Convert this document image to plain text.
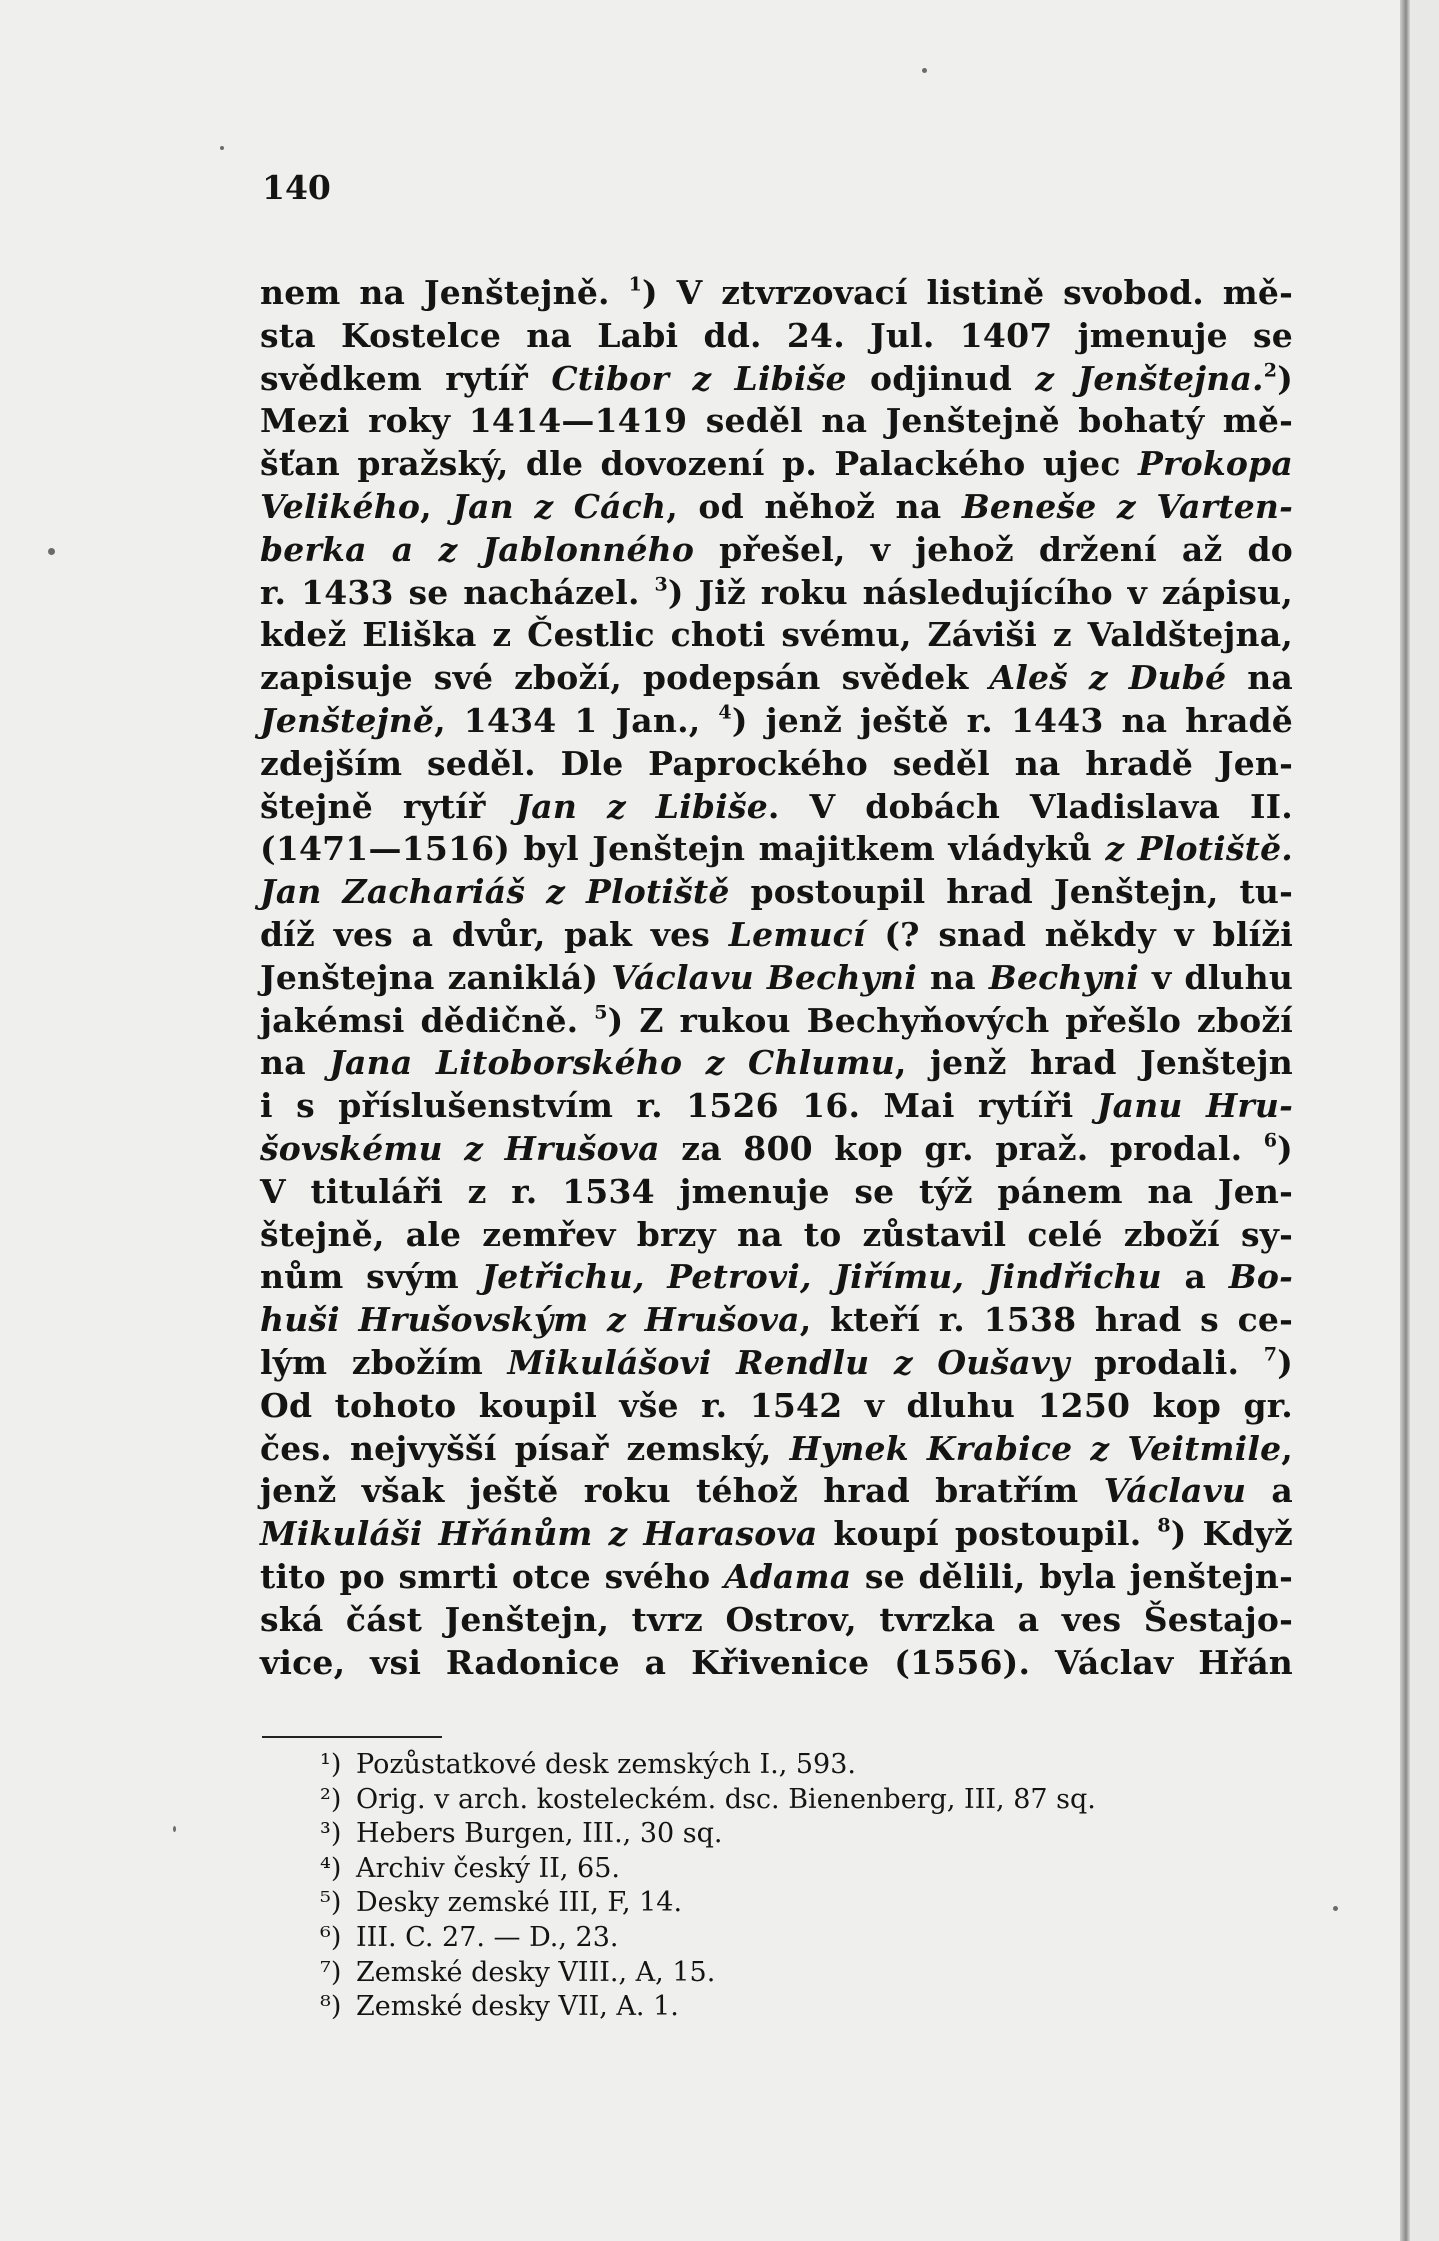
140
nem na Jenštejně. $^1$) V ztvrzovací listině svobod. mě-
sta Kostelce na Labi dd. 24. Jul. 1407 jmenuje se
svědkem rytíř Ctibor z Libiše odjinud z Jenštejna.$^2$)
Mezi roky 1414—1419 seděl na Jenštejně bohatý mě-
šťan pražský, dle dovození p. Palackého ujec Prokopa
Velikého, Jan z Cách, od něhož na Beneše z Varten-
berka a z Jablonného přešel, v jehož držení až do
r. 1433 se nacházel. $^3$) Již roku následujícího v zápisu,
kdež Eliška z Čestlic choti svému, Záviši z Valdštejna,
zapisuje své zboží, podepsán svědek Aleš z Dubé na
Jenštejně, 1434 1 Jan., $^4$) jenž ještě r. 1443 na hradě
zdejším seděl. Dle Paprockého seděl na hradě Jen-
štejně rytíř Jan z Libiše. V dobách Vladislava II.
(1471—1516) byl Jenštejn majitkem vládyků z Plotiště.
Jan Zachariáš z Plotiště postoupil hrad Jenštejn, tu-
díž ves a dvůr, pak ves Lemucí (? snad někdy v blíži
Jenštejna zaniklá) Václavu Bechyni na Bechyni v dluhu
jakémsi dědičně. $^5$) Z rukou Bechyňových přešlo zboží
na Jana Litoborského z Chlumu, jenž hrad Jenštejn
i s příslušenstvím r. 1526 16. Mai rytíři Janu Hru-
šovskému z Hrušova za 800 kop gr. praž. prodal. $^6$)
V tituláři z r. 1534 jmenuje se týž pánem na Jen-
štejně, ale zemřev brzy na to zůstavil celé zboží sy-
nům svým Jetřichu, Petrovi, Jiřímu, Jindřichu a Bo-
huši Hrušovským z Hrušova, kteří r. 1538 hrad s ce-
lým zbožím Mikulášovi Rendlu z Oušavy prodali. $^7$)
Od tohoto koupil vše r. 1542 v dluhu 1250 kop gr.
čes. nejvyšší písař zemský, Hynek Krabice z Veitmile,
jenž však ještě roku téhož hrad bratřím Václavu a
Mikuláši Hřánům z Harasova koupí postoupil. $^8$) Když
tito po smrti otce svého Adama se dělili, byla jenštejn-
ská část Jenštejn, tvrz Ostrov, tvrzka a ves Šestajo-
vice, vsi Radonice a Křivenice (1556). Václav Hřán
¹) Pozůstatkové desk zemských I., 593.
²) Orig. v arch. kosteleckém. dsc. Bienenberg, III, 87 sq.
³) Hebers Burgen, III., 30 sq.
⁴) Archiv český II, 65.
⁵) Desky zemské III, F, 14.
⁶) III. C. 27. — D., 23.
⁷) Zemské desky VIII., A, 15.
⁸) Zemské desky VII, A. 1.
